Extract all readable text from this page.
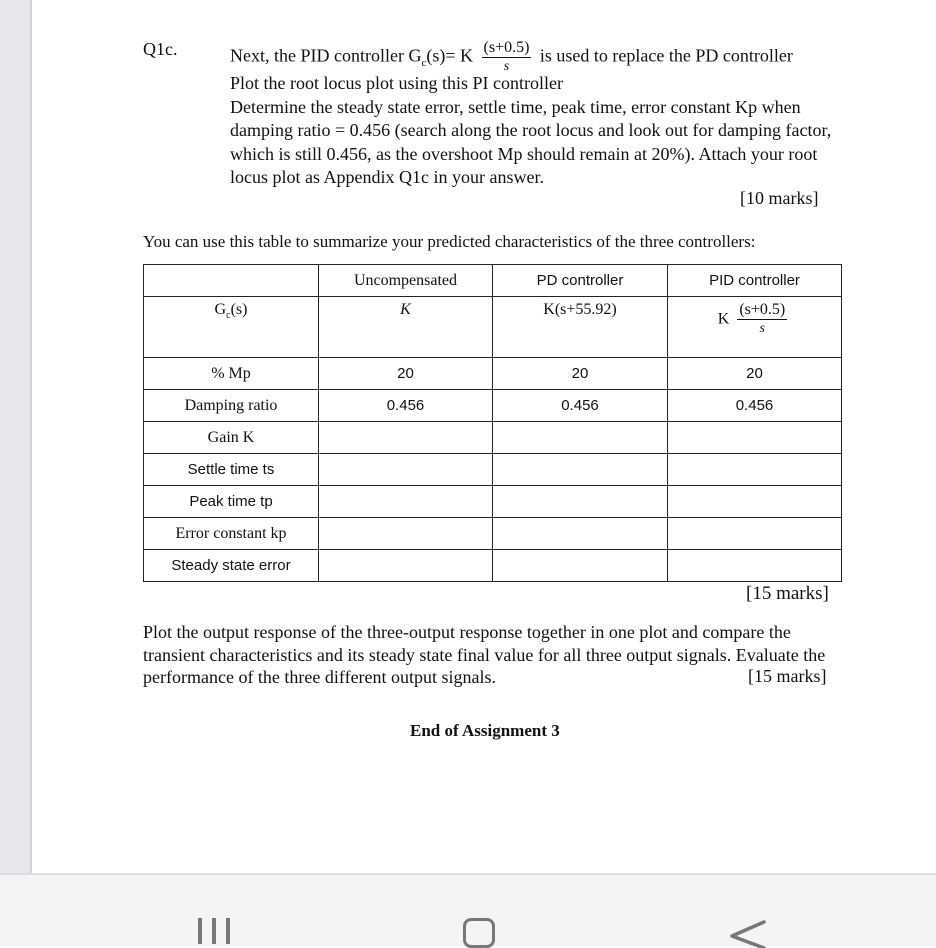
Q1c.	Next, the PID controller $G_c(s)= K \frac{(s+0.5)}{s}$ is used to replace the PD controller
Plot the root locus plot using this PI controller
Determine the steady state error, settle time, peak time, error constant Kp when damping ratio = 0.456 (search along the root locus and look out for damping factor, which is still 0.456, as the overshoot Mp should remain at 20%). Attach your root locus plot as Appendix Q1c in your answer.
[10 marks]
You can use this table to summarize your predicted characteristics of the three controllers:
	Uncompensated	PD controller	PID controller
$G_c(s)$	K	K(s+55.92)	K $\frac{(s+0.5)}{s}$

% Mp	20	20	20
Damping ratio	0.456	0.456	0.456
Gain K			
Settle time ts			
Peak time tp			
Error constant kp			
Steady state error			
[15 marks]
Plot the output response of the three-output response together in one plot and compare the transient characteristics and its steady state final value for all three output signals. Evaluate the performance of the three different output signals.	[15 marks]
End of Assignment 3
